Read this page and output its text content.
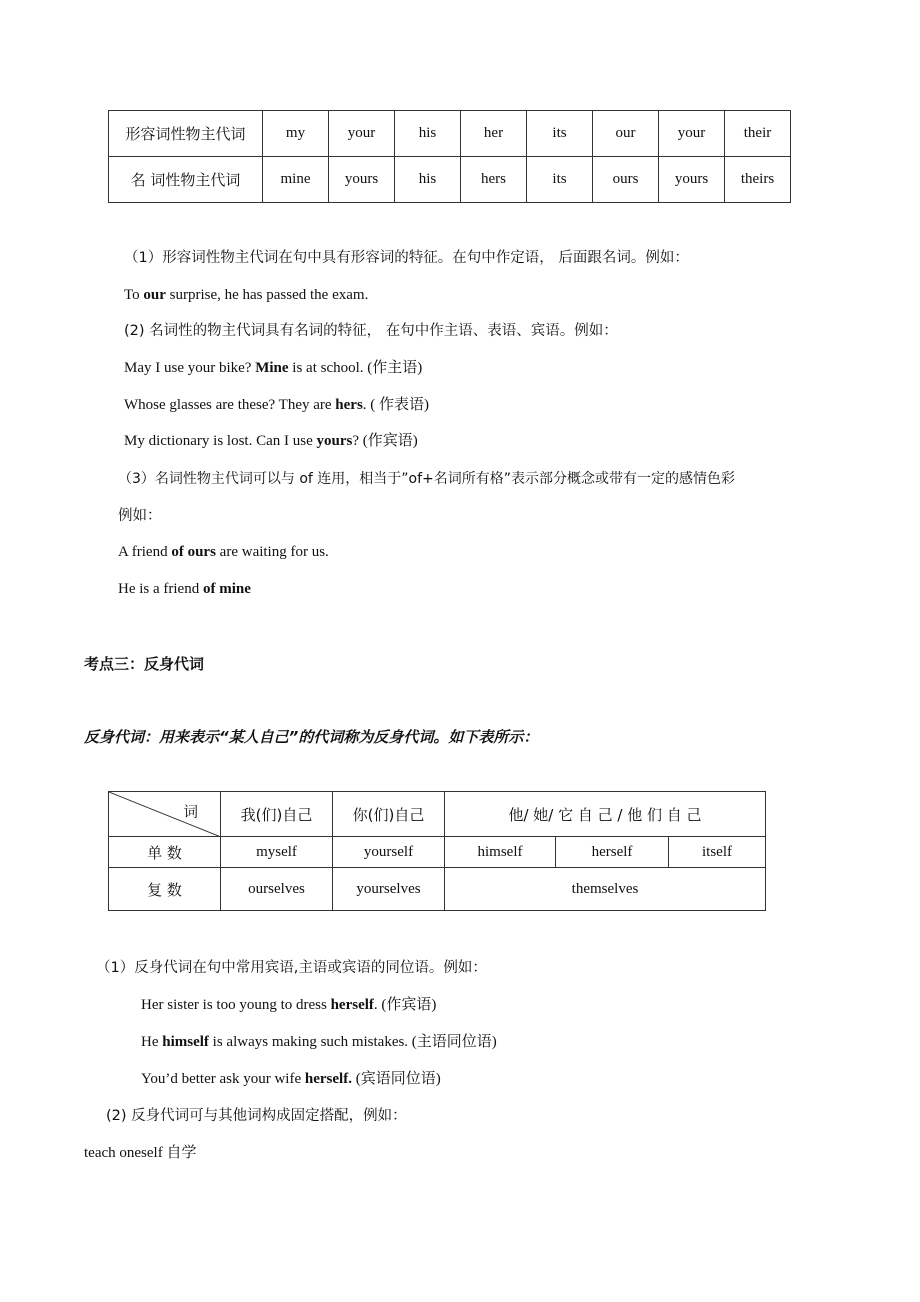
形容词性物主代词	my	your	his	her	its	our	your	their
名 词性物主代词	mine	yours	his	hers	its	ours	yours	theirs
（1）形容词性物主代词在句中具有形容词的特征。在句中作定语， 后面跟名词。例如：
To our surprise, he has passed the exam.
(2) 名词性的物主代词具有名词的特征， 在句中作主语、表语、宾语。例如：
May I use your bike? Mine is at school. (作主语)
Whose glasses are these? They are hers. ( 作表语)
My dictionary is lost. Can I use yours? (作宾语)
（3）名词性物主代词可以与 of 连用，相当于”of+名词所有格”表示部分概念或带有一定的感情色彩
例如：
A friend of ours are waiting for us.
He is a friend of mine
考点三：反身代词
反身代词：用来表示“某人自己”的代词称为反身代词。如下表所示：
词	我(们)自己	你(们)自己	他/ 她/ 它 自 己 / 他 们 自 己		
单 数	myself	yourself	himself	herself	itself
复 数	ourselves	yourselves	themselves		
（1）反身代词在句中常用宾语,主语或宾语的同位语。例如：
Her sister is too young to dress herself. (作宾语)
He himself is always making such mistakes. (主语同位语)
You’d better ask your wife herself. (宾语同位语)
(2) 反身代词可与其他词构成固定搭配，例如：
teach oneself 自学
